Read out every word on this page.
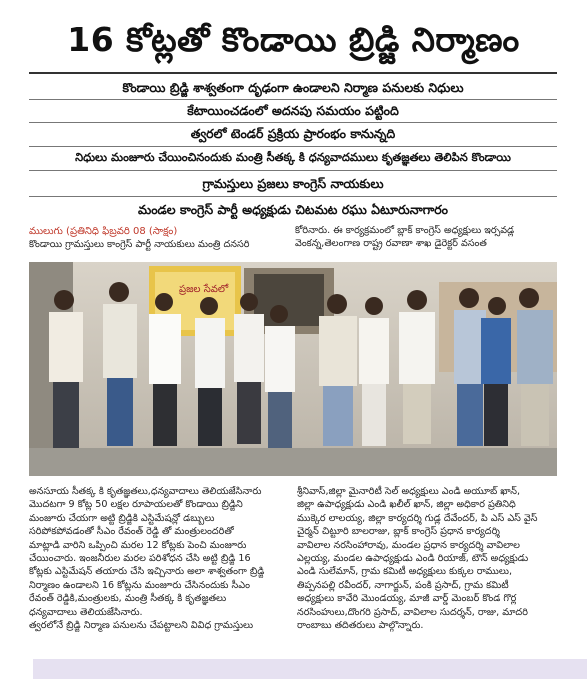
16 కోట్లతో కొండాయి బ్రిడ్జి నిర్మాణం
కొండాయి బ్రిడ్జి శాశ్వతంగా దృఢంగా ఉండాలని నిర్మాణ పనులకు నిధులు
కేటాయించడంలో అదనపు సమయం పట్టింది
త్వరలో టెండర్ ప్రక్రియ ప్రారంభం కానున్నది
నిధులు మంజూరు చేయించినందుకు మంత్రి సీతక్క కి ధన్యవాదములు కృతజ్ఞతలు తెలిపిన కొండాయి
గ్రామస్తులు ప్రజలు కాంగ్రెస్ నాయకులు
మండల కాంగ్రెస్ పార్టీ అధ్యక్షుడు చిటమట రఘు ఏటూరునాగారం
ములుగు (ప్రతినిధి ఫిబ్రవరి 08 (సాక్షం)
కొండాయి గ్రామస్తులు కాంగ్రెస్ పార్టీ నాయకులు మంత్రి దనసరి
కోరినారు. ఈ కార్యక్రమంలో బ్లాక్ కాంగ్రెస్ అధ్యక్షులు ఇర్సవడ్ల
వెంకన్న,తెలంగాణ రాష్ట్ర రవాణా శాఖ డైరెక్టర్ వసంత
ప్రజల సేవలో
అనసూయ సీతక్క కి కృతజ్ఞతలు,ధన్యవాదాలు తెలియజేసినారు
మొదటగా 9 కోట్ల 50 లక్షల రూపాయలతో కొండాయి బ్రిడ్జిని
మంజూరు చేయగా అట్టి బ్రిడ్జికి ఎస్టిమేషన్లో డబ్బులు
సరిపోకపోవడంతో సీఎం రేవంత్ రెడ్డి తో మంత్రులందరితో
మాట్లాడి వారిని ఒప్పించి మరల 12 కోట్లకు పెంచి మంజూరు
చేయించారు. ఇంజనీరుల మరల పరిశోధన చేసి అట్టి బ్రిడ్జి 16
కోట్లకు ఎస్టిమేషన్ తయారు చేసి ఇచ్చినారు అలా శాశ్వతంగా బ్రిడ్జి
నిర్మాణం ఉండాలని 16 కోట్లను మంజూరు చేసినందుకు సీఎం
రేవంత్ రెడ్డికి,మంత్రులకు, మంత్రి సీతక్క కి కృతజ్ఞతలు
ధన్యవాదాలు తెలియజేసినారు.
త్వరలోనే బ్రిడ్జి నిర్మాణ పనులను చేపట్టాలని వివిధ గ్రామస్తులు
శ్రీనివాస్,జిల్లా మైనారిటీ సెల్ అధ్యక్షులు ఎండి అయూబ్ ఖాన్,
జిల్లా ఉపాధ్యక్షుడు ఎండి ఖలీల్ ఖాన్, జిల్లా అధికార ప్రతినిధి
ముక్కెర లాలయ్య, జిల్లా కార్యదర్శి గుడ్ల దేవేందర్, పి ఎస్ ఎస్ వైస్
చైర్మన్ చిట్టూరి బాలరాజు, బ్లాక్ కాంగ్రెస్ ప్రధాన కార్యదర్శి
వావిలాల నరసింహారావు, మండల ప్రధాన కార్యదర్శి వావిలాల
ఎల్లయ్య, మండల ఉపాధ్యక్షుడు ఎండి రియాజ్, టౌన్ అధ్యక్షుడు
ఎండి సులేమాన్, గ్రామ కమిటీ అధ్యక్షులు కుక్కల రాములు,
తిప్పనపల్లి రవీందర్, నాగార్జున్, పంకి ప్రసాద్, గ్రామ కమిటీ
అధ్యక్షులు కావేరి మొండయ్య, మాజీ వార్డ్ మెంబర్ కొండ గొర్ల
నరసింహులు,దొంగరి ప్రసాద్, వావిలాల సుదర్శన్, రాజు, మాదరి
రాంబాబు తదితరులు పాల్గొన్నారు.
